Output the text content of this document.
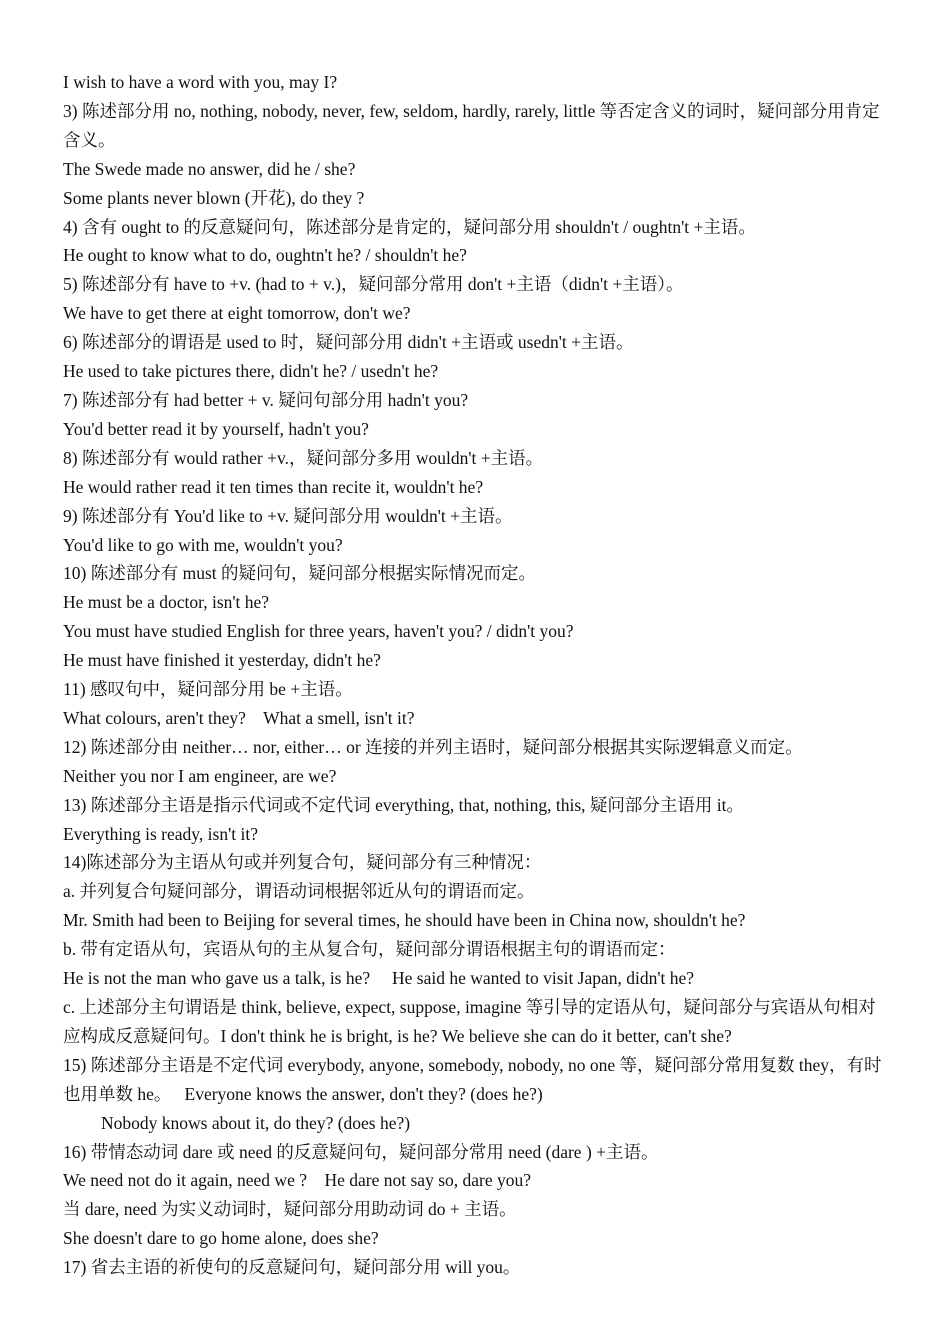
I wish to have a word with you, may I?
3) 陈述部分用 no, nothing, nobody, never, few, seldom, hardly, rarely, little 等否定含义的词时，疑问部分用肯定含义。
The Swede made no answer, did he / she?
Some plants never blown (开花), do they ?
4) 含有 ought to 的反意疑问句，陈述部分是肯定的，疑问部分用 shouldn't / oughtn't +主语。
He ought to know what to do, oughtn't he? / shouldn't he?
5) 陈述部分有 have to +v. (had to + v.)，疑问部分常用 don't +主语（didn't +主语）。
We have to get there at eight tomorrow, don't we?
6) 陈述部分的谓语是 used to 时，疑问部分用 didn't +主语或 usedn't +主语。
He used to take pictures there, didn't he? / usedn't he?
7) 陈述部分有 had better + v. 疑问句部分用 hadn't you?
You'd better read it by yourself, hadn't you?
8) 陈述部分有 would rather +v.，疑问部分多用 wouldn't +主语。
He would rather read it ten times than recite it, wouldn't he?
9) 陈述部分有 You'd like to +v. 疑问部分用 wouldn't +主语。
You'd like to go with me, wouldn't you?
10) 陈述部分有 must 的疑问句，疑问部分根据实际情况而定。
He must be a doctor, isn't he?
You must have studied English for three years, haven't you? / didn't you?
He must have finished it yesterday, didn't he?
11) 感叹句中，疑问部分用 be +主语。
What colours, aren't they?    What a smell, isn't it?
12) 陈述部分由 neither… nor, either… or 连接的并列主语时，疑问部分根据其实际逻辑意义而定。
Neither you nor I am engineer, are we?
13) 陈述部分主语是指示代词或不定代词 everything, that, nothing, this, 疑问部分主语用 it。
Everything is ready, isn't it?
14)陈述部分为主语从句或并列复合句，疑问部分有三种情况：
a. 并列复合句疑问部分，谓语动词根据邻近从句的谓语而定。
Mr. Smith had been to Beijing for several times, he should have been in China now, shouldn't he?
b. 带有定语从句，宾语从句的主从复合句，疑问部分谓语根据主句的谓语而定：
He is not the man who gave us a talk, is he?     He said he wanted to visit Japan, didn't he?
c. 上述部分主句谓语是 think, believe, expect, suppose, imagine 等引导的定语从句，疑问部分与宾语从句相对应构成反意疑问句。I don't think he is bright, is he? We believe she can do it better, can't she?
15) 陈述部分主语是不定代词 everybody, anyone, somebody, nobody, no one 等，疑问部分常用复数 they，有时也用单数 he。   Everyone knows the answer, don't they? (does he?)
Nobody knows about it, do they? (does he?)
16) 带情态动词 dare 或 need 的反意疑问句，疑问部分常用 need (dare ) +主语。
We need not do it again, need we ?    He dare not say so, dare you?
当 dare, need 为实义动词时，疑问部分用助动词 do + 主语。
She doesn't dare to go home alone, does she?
17) 省去主语的祈使句的反意疑问句，疑问部分用 will you。
